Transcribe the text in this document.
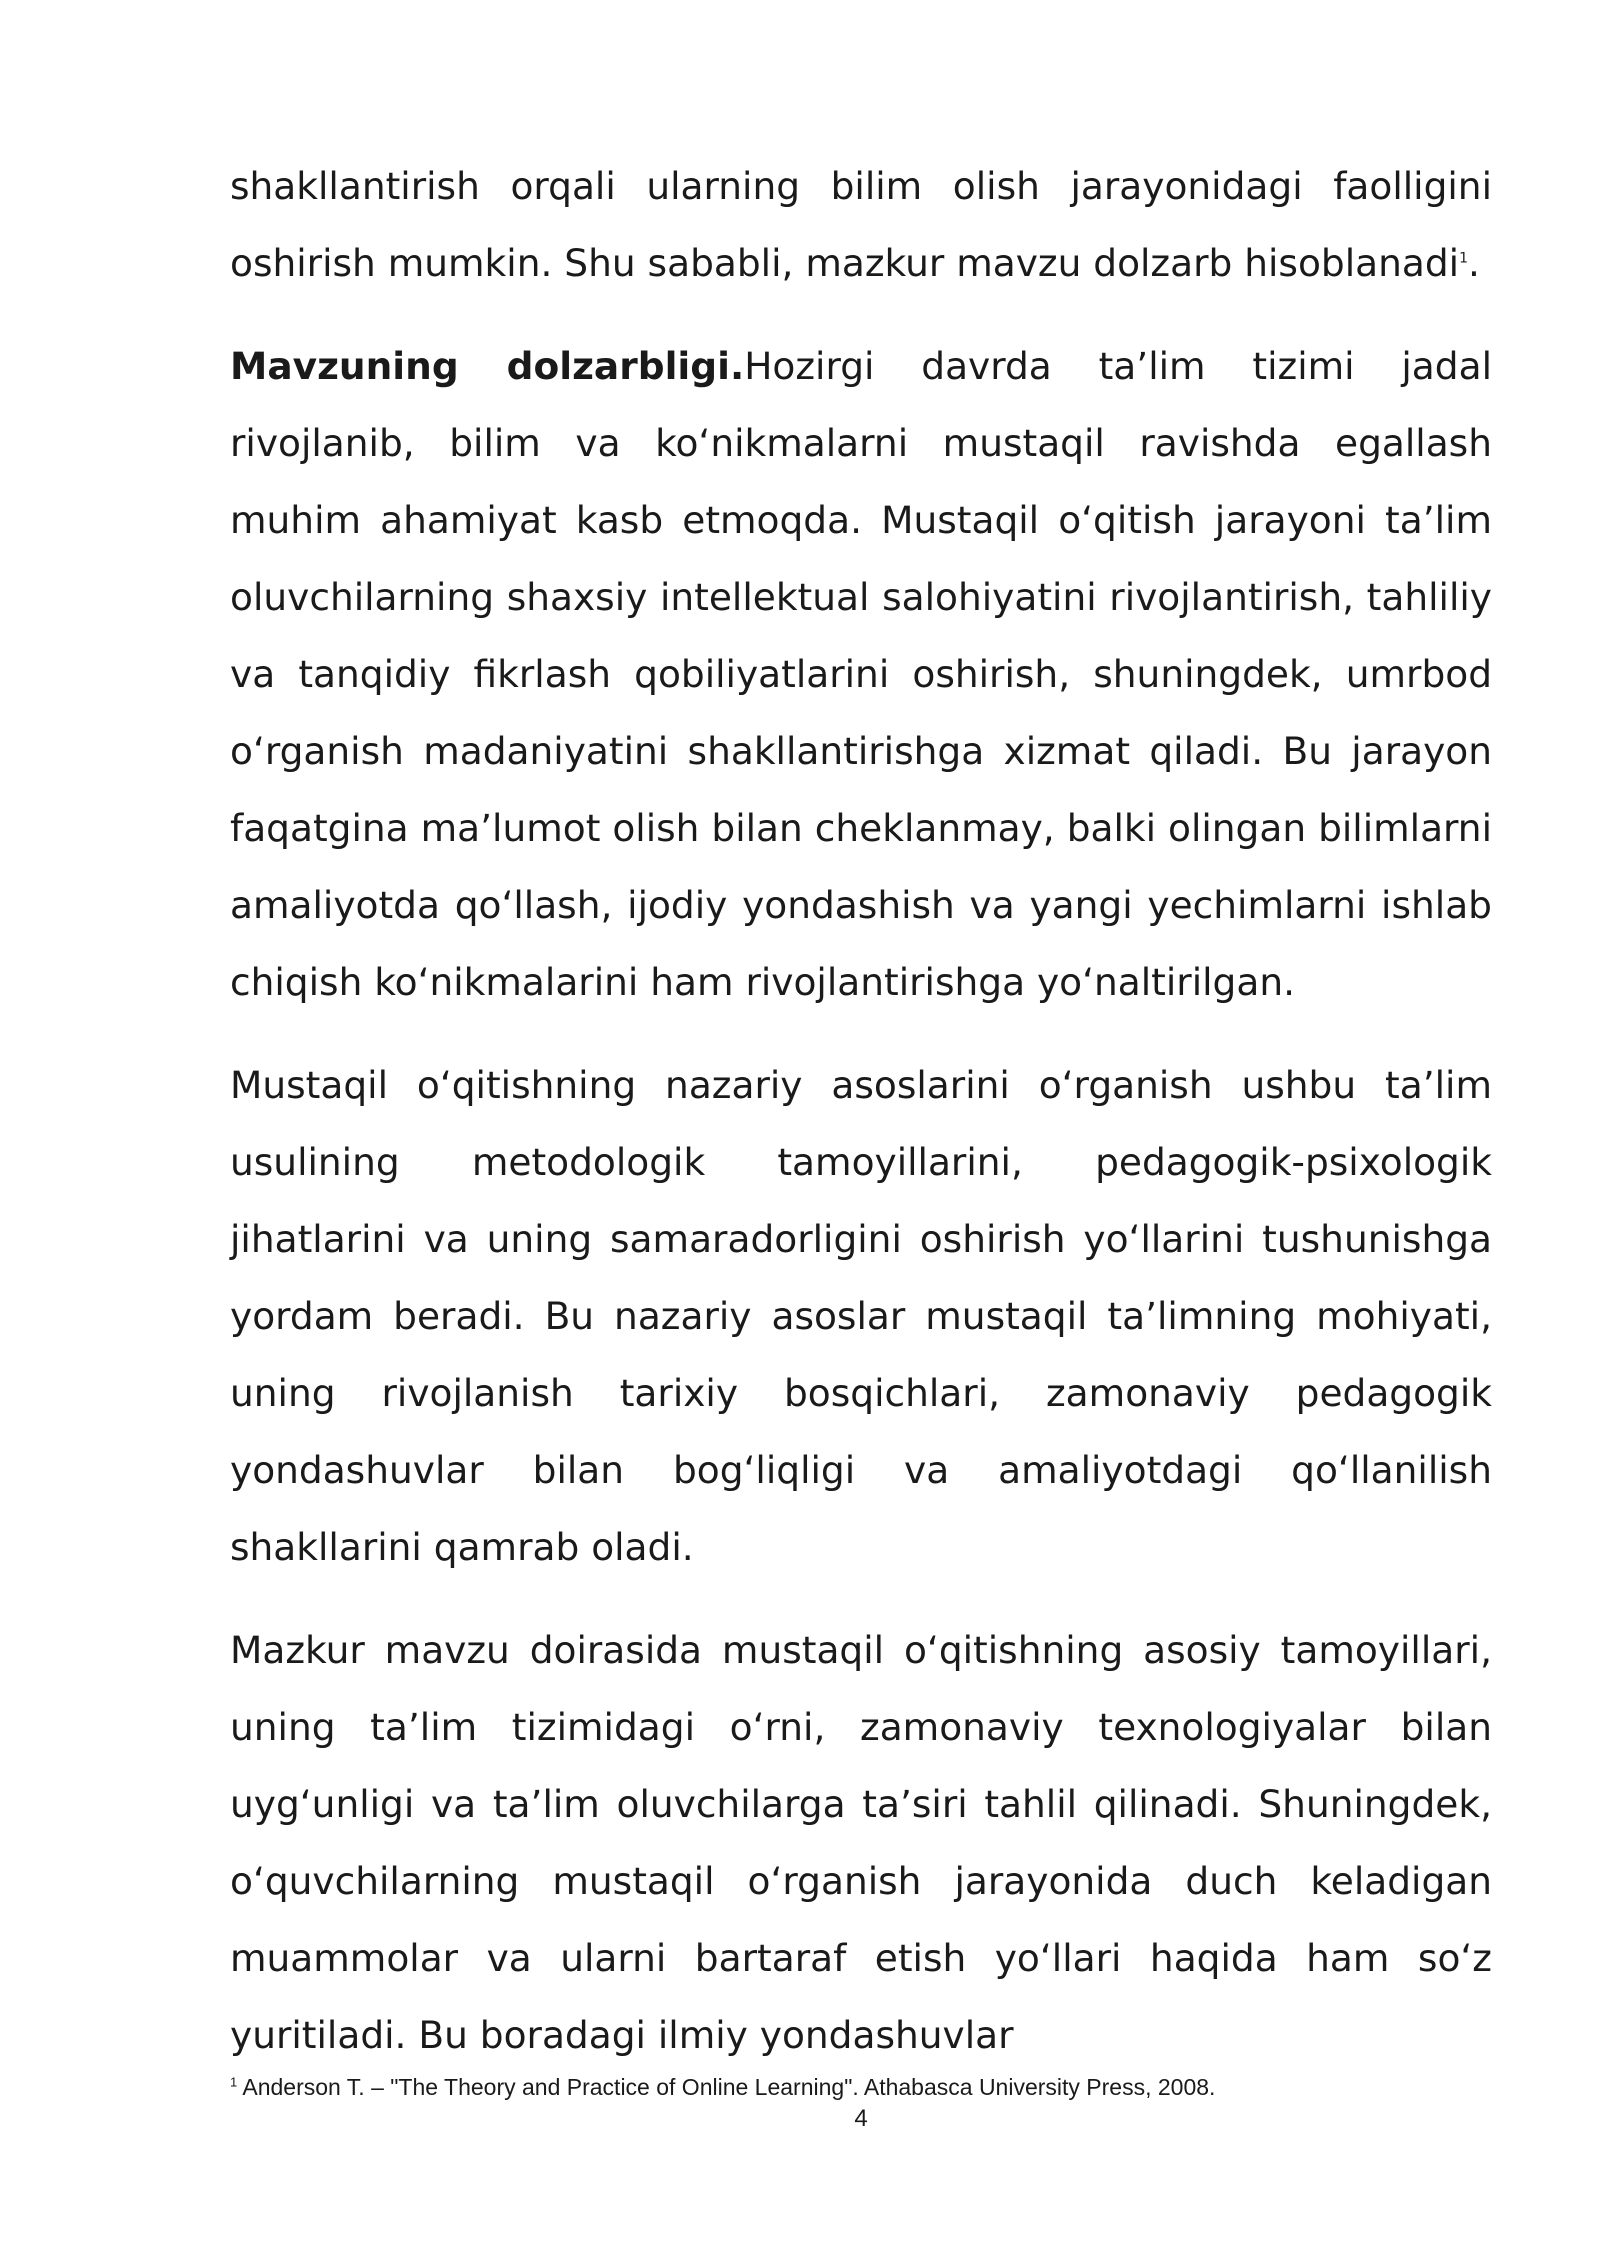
shakllantirish orqali ularning bilim olish jarayonidagi faolligini oshirish mumkin. Shu sababli, mazkur mavzu dolzarb hisoblanadi$^1$.

Mavzuning dolzarbligi.Hozirgi davrda ta’lim tizimi jadal rivojlanib, bilim va ko‘nikmalarni mustaqil ravishda egallash muhim ahamiyat kasb etmoqda. Mustaqil o‘qitish jarayoni ta’lim oluvchilarning shaxsiy intellektual salohiyatini rivojlantirish, tahliliy va tanqidiy fikrlash qobiliyatlarini oshirish, shuningdek, umrbod o‘rganish madaniyatini shakllantirishga xizmat qiladi. Bu jarayon faqatgina ma’lumot olish bilan cheklanmay, balki olingan bilimlarni amaliyotda qo‘llash, ijodiy yondashish va yangi yechimlarni ishlab chiqish ko‘nikmalarini ham rivojlantirishga yo‘naltirilgan.

Mustaqil o‘qitishning nazariy asoslarini o‘rganish ushbu ta’lim usulining metodologik tamoyillarini, pedagogik-psixologik jihatlarini va uning samaradorligini oshirish yo‘llarini tushunishga yordam beradi. Bu nazariy asoslar mustaqil ta’limning mohiyati, uning rivojlanish tarixiy bosqichlari, zamonaviy pedagogik yondashuvlar bilan bog‘liqligi va amaliyotdagi qo‘llanilish shakllarini qamrab oladi.

Mazkur mavzu doirasida mustaqil o‘qitishning asosiy tamoyillari, uning ta’lim tizimidagi o‘rni, zamonaviy texnologiyalar bilan uyg‘unligi va ta’lim oluvchilarga ta’siri tahlil qilinadi. Shuningdek, o‘quvchilarning mustaqil o‘rganish jarayonida duch keladigan muammolar va ularni bartaraf etish yo‘llari haqida ham so‘z yuritiladi. Bu boradagi ilmiy yondashuvlar

$^1$ Anderson T. – "The Theory and Practice of Online Learning". Athabasca University Press, 2008.
4
